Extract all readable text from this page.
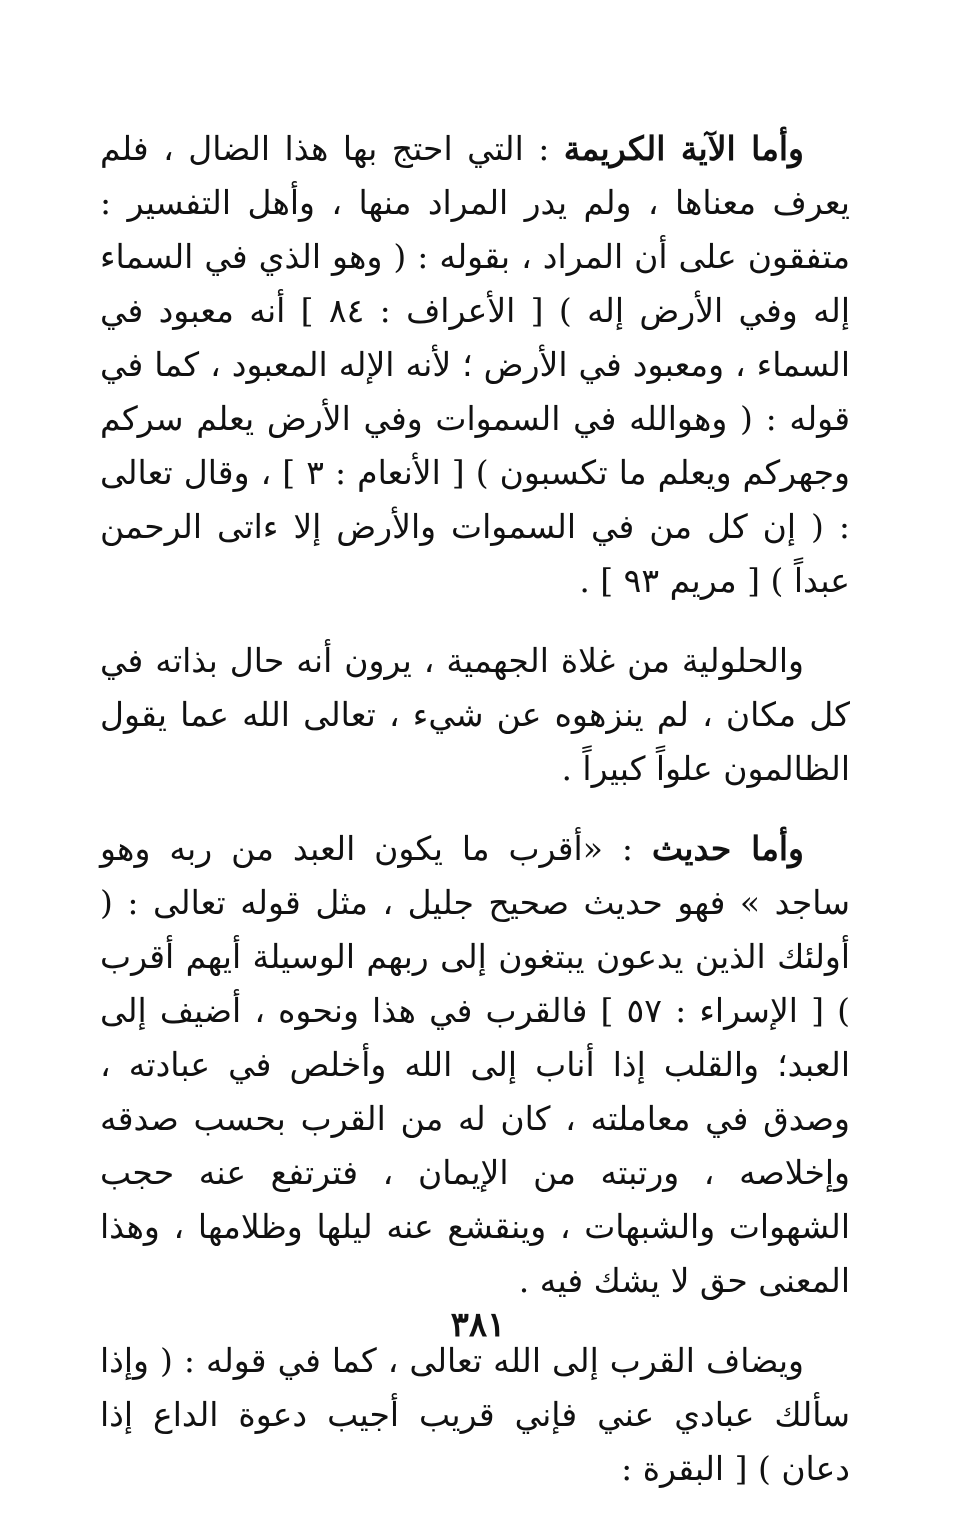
وأما الآية الكريمة : التي احتج بها هذا الضال ، فلم يعرف معناها ، ولم يدر المراد منها ، وأهل التفسير : متفقون على أن المراد ، بقوله : ( وهو الذي في السماء إله وفي الأرض إله ) [ الأعراف : ٨٤ ] أنه معبود في السماء ، ومعبود في الأرض ؛ لأنه الإله المعبود ، كما في قوله : ( وهوالله في السموات وفي الأرض يعلم سركم وجهركم ويعلم ما تكسبون ) [ الأنعام : ٣ ] ، وقال تعالى : ( إن كل من في السموات والأرض إلا ءاتى الرحمن عبداً ) [ مريم ٩٣ ] .

والحلولية من غلاة الجهمية ، يرون أنه حال بذاته في كل مكان ، لم ينزهوه عن شيء ، تعالى الله عما يقول الظالمون علواً كبيراً .

وأما حديث : «أقرب ما يكون العبد من ربه وهو ساجد » فهو حديث صحيح جليل ، مثل قوله تعالى : ( أولئك الذين يدعون يبتغون إلى ربهم الوسيلة أيهم أقرب ) [ الإسراء : ٥٧ ] فالقرب في هذا ونحوه ، أضيف إلى العبد؛ والقلب إذا أناب إلى الله وأخلص في عبادته ، وصدق في معاملته ، كان له من القرب بحسب صدقه وإخلاصه ، ورتبته من الإيمان ، فترتفع عنه حجب الشهوات والشبهات ، وينقشع عنه ليلها وظلامها ، وهذا المعنى حق لا يشك فيه .

ويضاف القرب إلى الله تعالى ، كما في قوله : ( وإذا سألك عبادي عني فإني قريب أجيب دعوة الداع إذا دعان ) [ البقرة :

٣٨١
